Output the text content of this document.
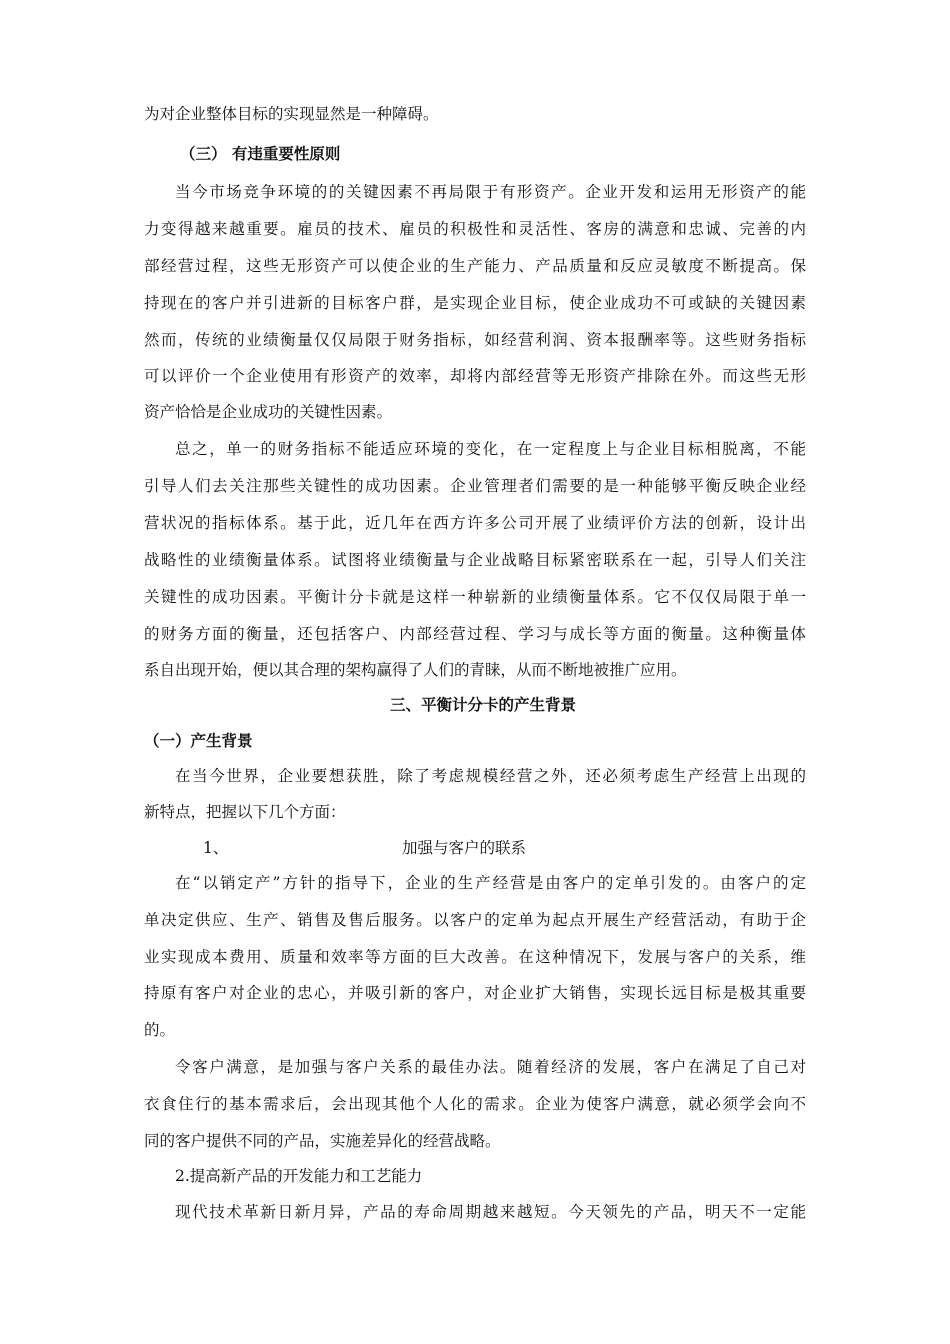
为对企业整体目标的实现显然是一种障碍。
（三） 有违重要性原则
当今市场竞争环境的的关键因素不再局限于有形资产。企业开发和运用无形资产的能
力变得越来越重要。雇员的技术、雇员的积极性和灵活性、客房的满意和忠诚、完善的内
部经营过程，这些无形资产可以使企业的生产能力、产品质量和反应灵敏度不断提高。保
持现在的客户并引进新的目标客户群，是实现企业目标，使企业成功不可或缺的关键因素
然而，传统的业绩衡量仅仅局限于财务指标，如经营利润、资本报酬率等。这些财务指标
可以评价一个企业使用有形资产的效率，却将内部经营等无形资产排除在外。而这些无形
资产恰恰是企业成功的关键性因素。
总之，单一的财务指标不能适应环境的变化，在一定程度上与企业目标相脱离，不能
引导人们去关注那些关键性的成功因素。企业管理者们需要的是一种能够平衡反映企业经
营状况的指标体系。基于此，近几年在西方许多公司开展了业绩评价方法的创新，设计出
战略性的业绩衡量体系。试图将业绩衡量与企业战略目标紧密联系在一起，引导人们关注
关键性的成功因素。平衡计分卡就是这样一种崭新的业绩衡量体系。它不仅仅局限于单一
的财务方面的衡量，还包括客户、内部经营过程、学习与成长等方面的衡量。这种衡量体
系自出现开始，便以其合理的架构赢得了人们的青睐，从而不断地被推广应用。
三、平衡计分卡的产生背景
（一）产生背景
在当今世界，企业要想获胜，除了考虑规模经营之外，还必须考虑生产经营上出现的
新特点，把握以下几个方面：
1、	加强与客户的联系
在“以销定产”方针的指导下，企业的生产经营是由客户的定单引发的。由客户的定
单决定供应、生产、销售及售后服务。以客户的定单为起点开展生产经营活动，有助于企
业实现成本费用、质量和效率等方面的巨大改善。在这种情况下，发展与客户的关系，维
持原有客户对企业的忠心，并吸引新的客户，对企业扩大销售，实现长远目标是极其重要
的。
令客户满意，是加强与客户关系的最佳办法。随着经济的发展，客户在满足了自己对
衣食住行的基本需求后，会出现其他个人化的需求。企业为使客户满意，就必须学会向不
同的客户提供不同的产品，实施差异化的经营战略。
2.提高新产品的开发能力和工艺能力
现代技术革新日新月异，产品的寿命周期越来越短。今天领先的产品，明天不一定能
